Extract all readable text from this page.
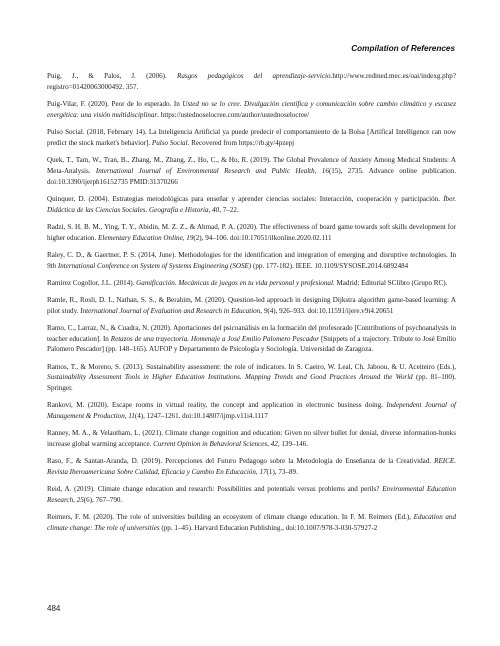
Compilation of References

Puig, J., & Palos, J. (2006). Rasgos pedagógicos del aprendizaje-servicio.http://www.redined.mec.es/oai/indexg.php?registro=01420063000492. 357.

Puig-Vilar, F. (2020). Peor de lo esperado. In Usted no se lo cree. Divulgación científica y comunicación sobre cambio climático y escasez energética: una visión multidisciplinar. https://ustednoselocree.com/author/ustednoselocree/

Pulso Social. (2018, February 14). La Inteligencia Artificial ya puede predecir el comportamiento de la Bolsa [Artifical Intelligence can now predict the stock market's behavior]. Pulso Social. Recovered from https://rb.gy/4pzepj

Quek, T., Tam, W., Tran, B., Zhang, M., Zhang, Z., Ho, C., & Ho, R. (2019). The Global Prevalence of Anxiety Among Medical Students: A Meta-Analysis. International Journal of Environmental Research and Public Health, 16(15), 2735. Advance online publication. doi:10.3390/ijerph16152735 PMID:31370266

Quinquer, D. (2004). Estrategias metodológicas para enseñar y aprender ciencias sociales: Interacción, cooperación y participación. Íber. Didáctica de las Ciencias Sociales. Geografía e Historia, 40, 7–22.

Radzi, S. H. B. M., Ying, T. Y., Abidin, M. Z. Z., & Ahmad, P. A. (2020). The effectiveness of board game towards soft skills development for higher education. Elementary Education Online, 19(2), 94–106. doi:10.17051/ilkonline.2020.02.111

Raley, C. D., & Gaertner, P. S. (2014, June). Methodologies for the identification and integration of emerging and disruptive technologies. In 9th International Conference on System of Systems Engineering (SOSE) (pp. 177-182). IEEE. 10.1109/SYSOSE.2014.6892484

Ramírez Cogollor, J.L. (2014). Gamificación. Mecánicas de juegos en tu vida personal y profesional. Madrid: Editorial SClibro (Grupo RC).

Ramle, R., Rosli, D. I., Nathan, S. S., & Berahim, M. (2020). Question-led approach in designing Dijkstra algorithm game-based learning: A pilot study. International Journal of Evaluation and Research in Education, 9(4), 926–933. doi:10.11591/ijere.v9i4.20651

Ramo, C., Larraz, N., & Cuadra, N. (2020). Aportaciones del psicoanálisis en la formación del profesorado [Contributions of psychoanalysis in teacher education]. In Retazos de una trayectoria. Homenaje a José Emilio Palomero Pescador [Snippets of a trajectory. Tribute to José Emilio Palomero Pescador] (pp. 148–165). AUFOP y Departamento de Psicología y Sociología. Universidad de Zaragoza.

Ramos, T., & Moreno, S. (2013). Sustainability assessment: the role of indicators. In S. Caeiro, W. Leal, Ch. Jaboou, & U. Aceiteiro (Eds.), Sustainability Assessment Tools in Higher Education Institutions. Mapping Trends and Good Practices Around the World (pp. 81–100). Springer.

Rankovi, M. (2020). Escape rooms in virtual reality, the concept and application in electronic business doing. Independent Journal of Management & Production, 11(4), 1247–1261. doi:10.14807/ijmp.v11i4.1117

Ranney, M. A., & Velautham, L. (2021). Climate change cognition and education: Given no silver bullet for denial, diverse information-hunks increase global warming acceptance. Current Opinion in Behavioral Sciences, 42, 139–146.

Raso, F., & Santan-Aranda, D. (2019). Percepciones del Futuro Pedagogo sobre la Metodología de Enseñanza de la Creatividad. REICE. Revista Iberoamericana Sobre Calidad, Eficacia y Cambio En Educación, 17(1), 73–89.

Reid, A. (2019). Climate change education and research: Possibilities and potentials versus problems and perils? Environmental Education Research, 25(6), 767–790.

Reimers, F. M. (2020). The role of universities building an ecosystem of climate change education. In F. M. Reimers (Ed.), Education and climate change: The role of universities (pp. 1–45). Harvard Education Publishing., doi:10.1007/978-3-030-57927-2

484
